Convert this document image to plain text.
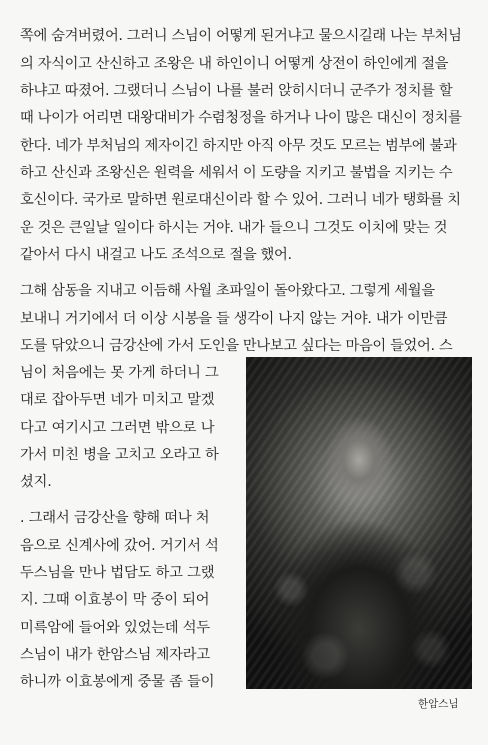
쪽에 숨겨버렸어. 그러니 스님이 어떻게 된거냐고 물으시길래 나는 부처님
의 자식이고 산신하고 조왕은 내 하인이니 어떻게 상전이 하인에게 절을
하냐고 따졌어. 그랬더니 스님이 나를 불러 앉히시더니 군주가 정치를 할
때 나이가 어리면 대왕대비가 수렴청정을 하거나 나이 많은 대신이 정치를
한다. 네가 부처님의 제자이긴 하지만 아직 아무 것도 모르는 범부에 불과
하고 산신과 조왕신은 원력을 세워서 이 도량을 지키고 불법을 지키는 수
호신이다. 국가로 말하면 원로대신이라 할 수 있어. 그러니 네가 탱화를 치
운 것은 큰일날 일이다 하시는 거야. 내가 들으니 그것도 이치에 맞는 것
같아서 다시 내걸고 나도 조석으로 절을 했어.
그해 삼동을 지내고 이듬해 사월 초파일이 돌아왔다고. 그렇게 세월을
보내니 거기에서 더 이상 시봉을 들 생각이 나지 않는 거야. 내가 이만큼
도를 닦았으니 금강산에 가서 도인을 만나보고 싶다는 마음이 들었어. 스
님이 처음에는 못 가게 하더니 그
대로 잡아두면 네가 미치고 말겠
다고 여기시고 그러면 밖으로 나
가서 미친 병을 고치고 오라고 하
셨지.
. 그래서 금강산을 향해 떠나 처
음으로 신계사에 갔어. 거기서 석
두스님을 만나 법담도 하고 그랬
지. 그때 이효봉이 막 중이 되어
미륵암에 들어와 있었는데 석두
스님이 내가 한암스님 제자라고
하니까 이효봉에게 중물 좀 들이
한암스님
